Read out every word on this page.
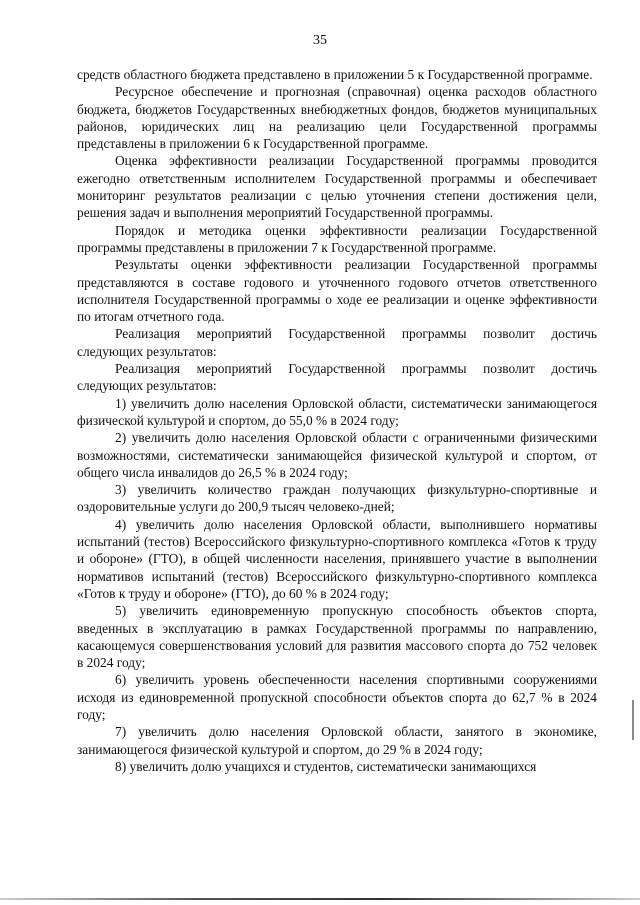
35

средств областного бюджета представлено в приложении 5 к Государственной программе.

Ресурсное обеспечение и прогнозная (справочная) оценка расходов областного бюджета, бюджетов Государственных внебюджетных фондов, бюджетов муниципальных районов, юридических лиц на реализацию цели Государственной программы представлены в приложении 6 к Государственной программе.

Оценка эффективности реализации Государственной программы проводится ежегодно ответственным исполнителем Государственной программы и обеспечивает мониторинг результатов реализации с целью уточнения степени достижения цели, решения задач и выполнения мероприятий Государственной программы.

Порядок и методика оценки эффективности реализации Государственной программы представлены в приложении 7 к Государственной программе.

Результаты оценки эффективности реализации Государственной программы представляются в составе годового и уточненного годового отчетов ответственного исполнителя Государственной программы о ходе ее реализации и оценке эффективности по итогам отчетного года.

Реализация мероприятий Государственной программы позволит достичь следующих результатов:

Реализация мероприятий Государственной программы позволит достичь следующих результатов:

1) увеличить долю населения Орловской области, систематически занимающегося физической культурой и спортом, до 55,0 % в 2024 году;

2) увеличить долю населения Орловской области с ограниченными физическими возможностями, систематически занимающейся физической культурой и спортом, от общего числа инвалидов до 26,5 % в 2024 году;

3) увеличить количество граждан получающих физкультурно-спортивные и оздоровительные услуги до 200,9 тысяч человеко-дней;

4) увеличить долю населения Орловской области, выполнившего нормативы испытаний (тестов) Всероссийского физкультурно-спортивного комплекса «Готов к труду и обороне» (ГТО), в общей численности населения, принявшего участие в выполнении нормативов испытаний (тестов) Всероссийского физкультурно-спортивного комплекса «Готов к труду и обороне» (ГТО), до 60 % в 2024 году;

5) увеличить единовременную пропускную способность объектов спорта, введенных в эксплуатацию в рамках Государственной программы по направлению, касающемуся совершенствования условий для развития массового спорта до 752 человек в 2024 году;

6) увеличить уровень обеспеченности населения спортивными сооружениями исходя из единовременной пропускной способности объектов спорта до 62,7 % в 2024 году;

7) увеличить долю населения Орловской области, занятого в экономике, занимающегося физической культурой и спортом, до 29 % в 2024 году;

8) увеличить долю учащихся и студентов, систематически занимающихся
